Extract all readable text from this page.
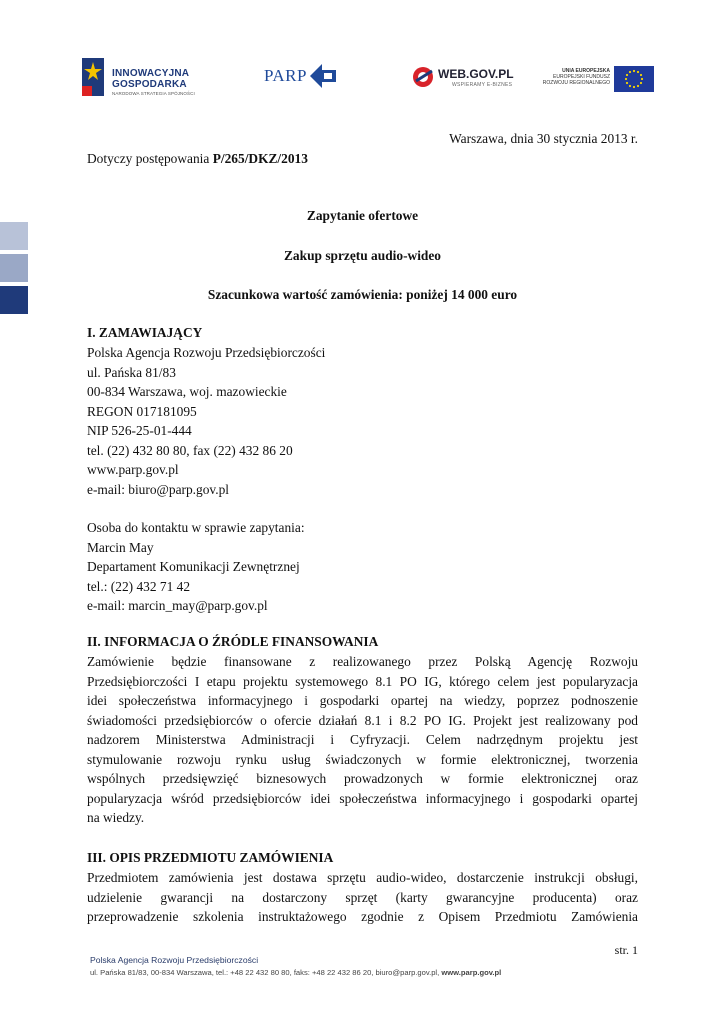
INNOWACYJNA
GOSPODARKA
NARODOWA STRATEGIA SPÓJNOŚCI
PARP	WEB.GOV.PL
WSPIERAMY E-BIZNES
UNIA EUROPEJSKA
EUROPEJSKI FUNDUSZ
ROZWOJU REGIONALNEGO
Warszawa, dnia 30 stycznia 2013 r.
Dotyczy postępowania P/265/DKZ/2013
Zapytanie ofertowe
Zakup sprzętu audio-wideo
Szacunkowa wartość zamówienia: poniżej 14 000 euro
I. ZAMAWIAJĄCY
Polska Agencja Rozwoju Przedsiębiorczości
ul. Pańska 81/83
00-834 Warszawa, woj. mazowieckie
REGON 017181095
NIP 526-25-01-444
tel. (22) 432 80 80, fax (22) 432 86 20
www.parp.gov.pl
e-mail: biuro@parp.gov.pl
Osoba do kontaktu w sprawie zapytania:
Marcin May
Departament Komunikacji Zewnętrznej
tel.: (22) 432 71 42
e-mail: marcin_may@parp.gov.pl
II. INFORMACJA O ŹRÓDLE FINANSOWANIA
Zamówienie będzie finansowane z realizowanego przez Polską Agencję Rozwoju
Przedsiębiorczości I etapu projektu systemowego 8.1 PO IG, którego celem jest popularyzacja
idei społeczeństwa informacyjnego i gospodarki opartej na wiedzy, poprzez podnoszenie
świadomości przedsiębiorców o ofercie działań 8.1 i 8.2 PO IG. Projekt jest realizowany pod
nadzorem Ministerstwa Administracji i Cyfryzacji. Celem nadrzędnym projektu jest
stymulowanie rozwoju rynku usług świadczonych w formie elektronicznej, tworzenia
wspólnych przedsięwzięć biznesowych prowadzonych w formie elektronicznej oraz
popularyzacja wśród przedsiębiorców idei społeczeństwa informacyjnego i gospodarki opartej
na wiedzy.
III. OPIS PRZEDMIOTU ZAMÓWIENIA
Przedmiotem zamówienia jest dostawa sprzętu audio-wideo, dostarczenie instrukcji obsługi,
udzielenie gwarancji na dostarczony sprzęt (karty gwarancyjne producenta) oraz
przeprowadzenie szkolenia instruktażowego zgodnie z Opisem Przedmiotu Zamówienia
str. 1
Polska Agencja Rozwoju Przedsiębiorczości
ul. Pańska 81/83, 00-834 Warszawa, tel.: +48 22 432 80 80, faks: +48 22 432 86 20, biuro@parp.gov.pl, www.parp.gov.pl
